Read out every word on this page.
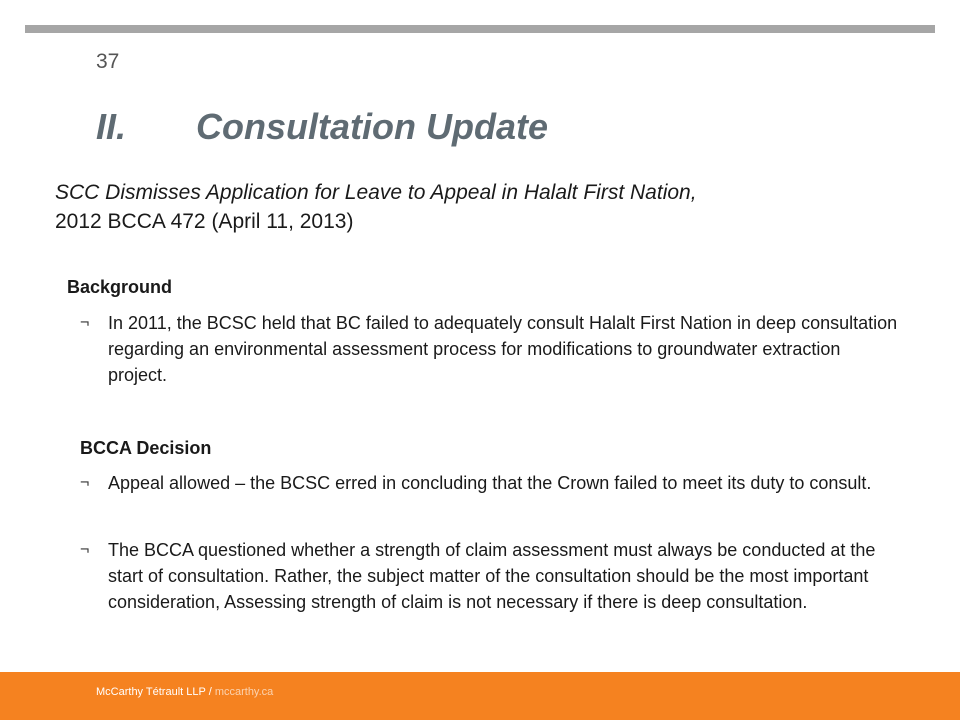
37
II. Consultation Update
SCC Dismisses Application for Leave to Appeal in Halalt First Nation,
2012 BCCA 472 (April 11, 2013)
Background
¬	In 2011, the BCSC held that BC failed to adequately consult Halalt First Nation in deep consultation regarding an environmental assessment process for modifications to groundwater extraction project.
BCCA Decision
¬	Appeal allowed – the BCSC erred in concluding that the Crown failed to meet its duty to consult.
¬	The BCCA questioned whether a strength of claim assessment must always be conducted at the start of consultation. Rather, the subject matter of the consultation should be the most important consideration, Assessing strength of claim is not necessary if there is deep consultation.
McCarthy Tétrault LLP / mccarthy.ca
